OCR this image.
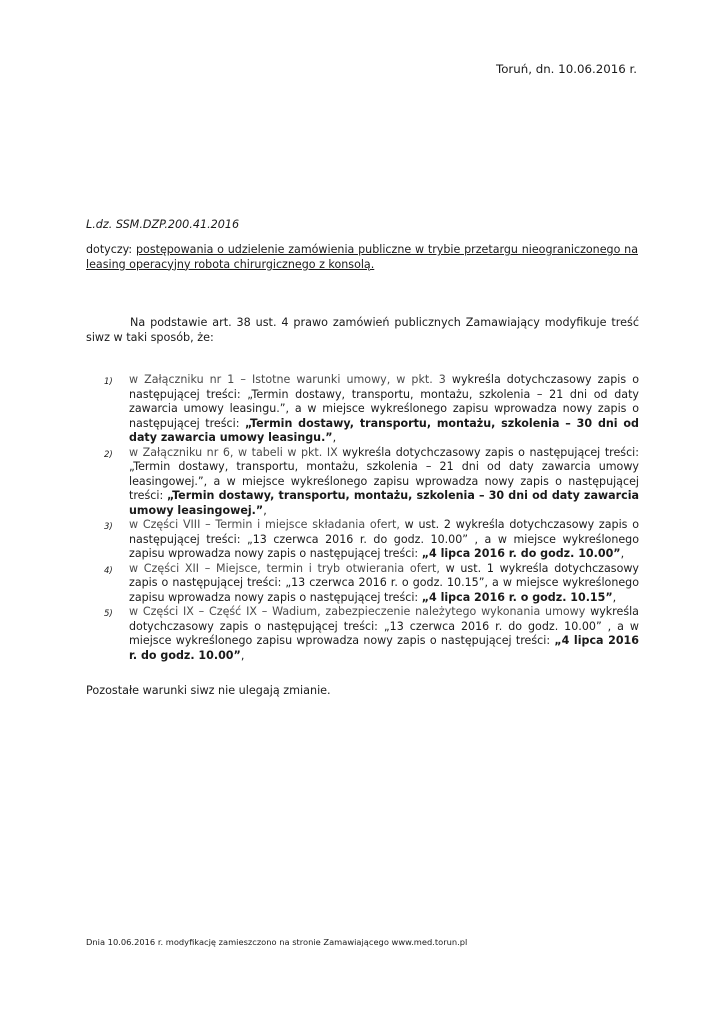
Toruń, dn. 10.06.2016 r.
L.dz. SSM.DZP.200.41.2016
dotyczy: postępowania o udzielenie zamówienia publiczne w trybie przetargu nieograniczonego na leasing operacyjny robota chirurgicznego z konsolą.
Na podstawie art. 38 ust. 4 prawo zamówień publicznych Zamawiający modyfikuje treść siwz w taki sposób, że:
1) w Załączniku nr 1 – Istotne warunki umowy, w pkt. 3 wykreśla dotychczasowy zapis o następującej treści: „Termin dostawy, transportu, montażu, szkolenia – 21 dni od daty zawarcia umowy leasingu.”, a w miejsce wykreślonego zapisu wprowadza nowy zapis o następującej treści: „Termin dostawy, transportu, montażu, szkolenia – 30 dni od daty zawarcia umowy leasingu.”,
2) w Załączniku nr 6, w tabeli w pkt. IX wykreśla dotychczasowy zapis o następującej treści: „Termin dostawy, transportu, montażu, szkolenia – 21 dni od daty zawarcia umowy leasingowej.”, a w miejsce wykreślonego zapisu wprowadza nowy zapis o następującej treści: „Termin dostawy, transportu, montażu, szkolenia – 30 dni od daty zawarcia umowy leasingowej.”,
3) w Części VIII – Termin i miejsce składania ofert, w ust. 2 wykreśla dotychczasowy zapis o następującej treści: „13 czerwca 2016 r. do godz. 10.00” , a w miejsce wykreślonego zapisu wprowadza nowy zapis o następującej treści: „4 lipca 2016 r. do godz. 10.00”,
4) w Części XII – Miejsce, termin i tryb otwierania ofert, w ust. 1 wykreśla dotychczasowy zapis o następującej treści: „13 czerwca 2016 r. o godz. 10.15”, a w miejsce wykreślonego zapisu wprowadza nowy zapis o następującej treści: „4 lipca 2016 r. o godz. 10.15”,
5) w Części IX – Część IX – Wadium, zabezpieczenie należytego wykonania umowy wykreśla dotychczasowy zapis o następującej treści: „13 czerwca 2016 r. do godz. 10.00” , a w miejsce wykreślonego zapisu wprowadza nowy zapis o następującej treści: „4 lipca 2016 r. do godz. 10.00”,
Pozostałe warunki siwz nie ulegają zmianie.
Dnia 10.06.2016 r. modyfikację zamieszczono na stronie Zamawiającego www.med.torun.pl
